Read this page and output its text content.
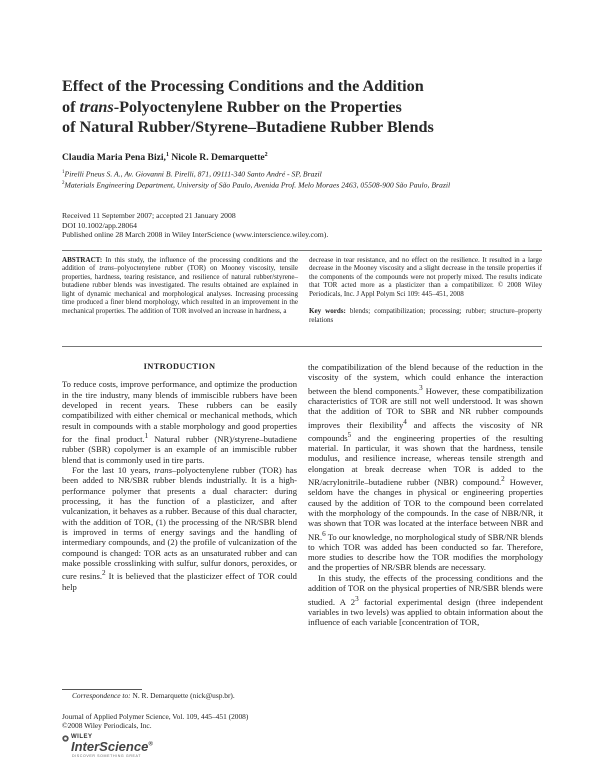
Effect of the Processing Conditions and the Addition
of trans-Polyoctenylene Rubber on the Properties
of Natural Rubber/Styrene–Butadiene Rubber Blends
Claudia Maria Pena Bizi,$^1$ Nicole R. Demarquette$^2$
$^1$Pirelli Pneus S. A., Av. Giovanni B. Pirelli, 871, 09111-340 Santo André - SP, Brazil
$^2$Materials Engineering Department, University of São Paulo, Avenida Prof. Melo Moraes 2463, 05508-900 São Paulo, Brazil
Received 11 September 2007; accepted 21 January 2008
DOI 10.1002/app.28064
Published online 28 March 2008 in Wiley InterScience (www.interscience.wiley.com).
ABSTRACT: In this study, the influence of the processing conditions and the addition of trans–polyoctenylene rubber (TOR) on Mooney viscosity, tensile properties, hardness, tearing resistance, and resilience of natural rubber/styrene–butadiene rubber blends was investigated. The results obtained are explained in light of dynamic mechanical and morphological analyses. Increasing processing time produced a finer blend morphology, which resulted in an improvement in the mechanical properties. The addition of TOR involved an increase in hardness, a
decrease in tear resistance, and no effect on the resilience. It resulted in a large decrease in the Mooney viscosity and a slight decrease in the tensile properties if the components of the compounds were not properly mixed. The results indicate that TOR acted more as a plasticizer than a compatibilizer. © 2008 Wiley Periodicals, Inc. J Appl Polym Sci 109: 445–451, 2008
Key words: blends; compatibilization; processing; rubber; structure–property relations
INTRODUCTION

To reduce costs, improve performance, and optimize the production in the tire industry, many blends of immiscible rubbers have been developed in recent years. These rubbers can be easily compatibilized with either chemical or mechanical methods, which result in compounds with a stable morphology and good properties for the final product.$^1$ Natural rubber (NR)/styrene–butadiene rubber (SBR) copolymer is an example of an immiscible rubber blend that is commonly used in tire parts.

For the last 10 years, trans–polyoctenylene rubber (TOR) has been added to NR/SBR rubber blends industrially. It is a high-performance polymer that presents a dual character: during processing, it has the function of a plasticizer, and after vulcanization, it behaves as a rubber. Because of this dual character, with the addition of TOR, (1) the processing of the NR/SBR blend is improved in terms of energy savings and the handling of intermediary compounds, and (2) the profile of vulcanization of the compound is changed: TOR acts as an unsaturated rubber and can make possible crosslinking with sulfur, sulfur donors, peroxides, or cure resins.$^2$ It is believed that the plasticizer effect of TOR could help

the compatibilization of the blend because of the reduction in the viscosity of the system, which could enhance the interaction between the blend components.$^3$ However, these compatibilization characteristics of TOR are still not well understood. It was shown that the addition of TOR to SBR and NR rubber compounds improves their flexibility$^4$ and affects the viscosity of NR compounds$^5$ and the engineering properties of the resulting material. In particular, it was shown that the hardness, tensile modulus, and resilience increase, whereas tensile strength and elongation at break decrease when TOR is added to the NR/acrylonitrile–butadiene rubber (NBR) compound.$^2$ However, seldom have the changes in physical or engineering properties caused by the addition of TOR to the compound been correlated with the morphology of the compounds. In the case of NBR/NR, it was shown that TOR was located at the interface between NBR and NR.$^6$ To our knowledge, no morphological study of SBR/NR blends to which TOR was added has been conducted so far. Therefore, more studies to describe how the TOR modifies the morphology and the properties of NR/SBR blends are necessary.

In this study, the effects of the processing conditions and the addition of TOR on the physical properties of NR/SBR blends were studied. A $2^3$ factorial experimental design (three independent variables in two levels) was applied to obtain information about the influence of each variable [concentration of TOR,

Correspondence to: N. R. Demarquette (nick@usp.br).
Journal of Applied Polymer Science, Vol. 109, 445–451 (2008)
©2008 Wiley Periodicals, Inc.
WILEY
InterScience®
DISCOVER SOMETHING GREAT
